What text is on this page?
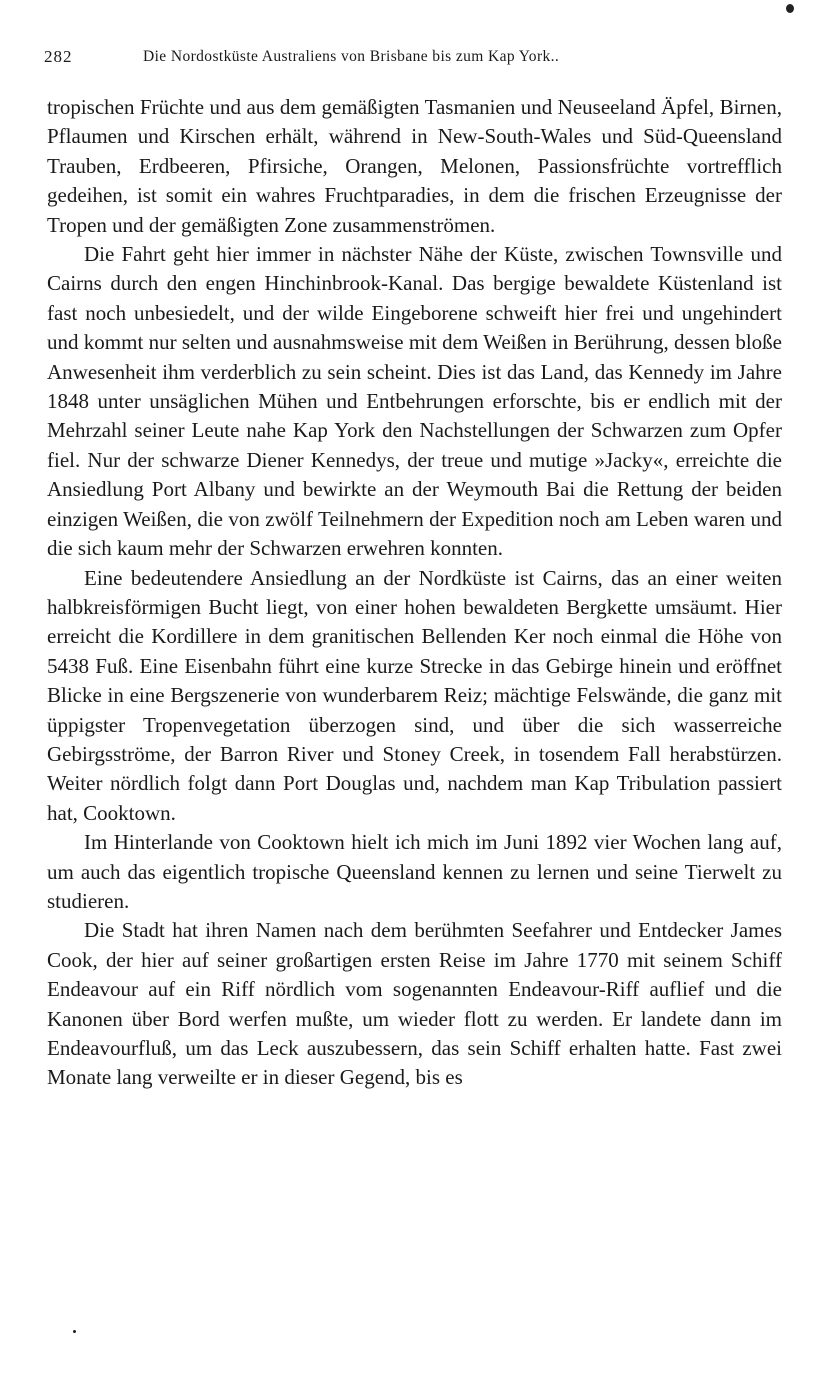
282	Die Nordostküste Australiens von Brisbane bis zum Kap York..

tropischen Früchte und aus dem gemäßigten Tasmanien und Neuseeland Äpfel, Birnen, Pflaumen und Kirschen erhält, während in New-South-Wales und Süd-Queensland Trauben, Erdbeeren, Pfirsiche, Orangen, Melonen, Passionsfrüchte vortrefflich gedeihen, ist somit ein wahres Fruchtparadies, in dem die frischen Erzeugnisse der Tropen und der gemäßigten Zone zusammenströmen.

Die Fahrt geht hier immer in nächster Nähe der Küste, zwischen Townsville und Cairns durch den engen Hinchinbrook-Kanal. Das bergige bewaldete Küstenland ist fast noch unbesiedelt, und der wilde Eingeborene schweift hier frei und ungehindert und kommt nur selten und ausnahmsweise mit dem Weißen in Berührung, dessen bloße Anwesenheit ihm verderblich zu sein scheint. Dies ist das Land, das Kennedy im Jahre 1848 unter unsäglichen Mühen und Entbehrungen erforschte, bis er endlich mit der Mehrzahl seiner Leute nahe Kap York den Nachstellungen der Schwarzen zum Opfer fiel. Nur der schwarze Diener Kennedys, der treue und mutige »Jacky«, erreichte die Ansiedlung Port Albany und bewirkte an der Weymouth Bai die Rettung der beiden einzigen Weißen, die von zwölf Teilnehmern der Expedition noch am Leben waren und die sich kaum mehr der Schwarzen erwehren konnten.

Eine bedeutendere Ansiedlung an der Nordküste ist Cairns, das an einer weiten halbkreisförmigen Bucht liegt, von einer hohen bewaldeten Bergkette umsäumt. Hier erreicht die Kordillere in dem granitischen Bellenden Ker noch einmal die Höhe von 5438 Fuß. Eine Eisenbahn führt eine kurze Strecke in das Gebirge hinein und eröffnet Blicke in eine Bergszenerie von wunderbarem Reiz; mächtige Felswände, die ganz mit üppigster Tropenvegetation überzogen sind, und über die sich wasserreiche Gebirgsströme, der Barron River und Stoney Creek, in tosendem Fall herabstürzen. Weiter nördlich folgt dann Port Douglas und, nachdem man Kap Tribulation passiert hat, Cooktown.

Im Hinterlande von Cooktown hielt ich mich im Juni 1892 vier Wochen lang auf, um auch das eigentlich tropische Queensland kennen zu lernen und seine Tierwelt zu studieren.

Die Stadt hat ihren Namen nach dem berühmten Seefahrer und Entdecker James Cook, der hier auf seiner großartigen ersten Reise im Jahre 1770 mit seinem Schiff Endeavour auf ein Riff nördlich vom sogenannten Endeavour-Riff auflief und die Kanonen über Bord werfen mußte, um wieder flott zu werden. Er landete dann im Endeavourfluß, um das Leck auszubessern, das sein Schiff erhalten hatte. Fast zwei Monate lang verweilte er in dieser Gegend, bis es
